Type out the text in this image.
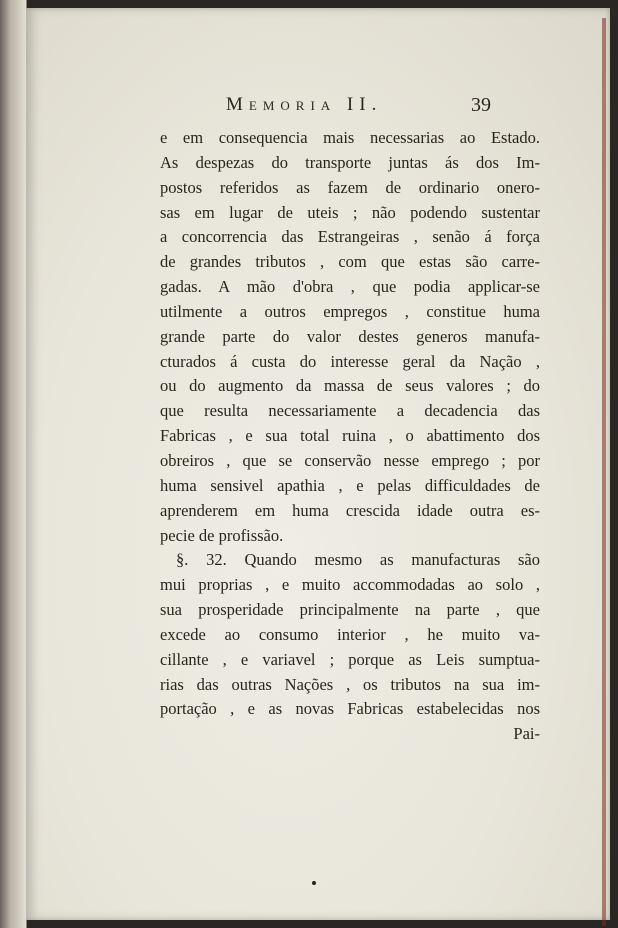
Memoria II.	39
e em consequencia mais necessarias ao Estado.
As despezas do transporte juntas ás dos Im-
postos referidos as fazem de ordinario onero-
sas em lugar de uteis ; não podendo sustentar
a concorrencia das Estrangeiras , senão á força
de grandes tributos , com que estas são carre-
gadas. A mão d'obra , que podia applicar-se
utilmente a outros empregos , constitue huma
grande parte do valor destes generos manufa-
cturados á custa do interesse geral da Nação ,
ou do augmento da massa de seus valores ; do
que resulta necessariamente a decadencia das
Fabricas , e sua total ruina , o abattimento dos
obreiros , que se conservão nesse emprego ; por
huma sensivel apathia , e pelas difficuldades de
aprenderem em huma crescida idade outra es-
pecie de profissão.
§. 32. Quando mesmo as manufacturas são
mui proprias , e muito accommodadas ao solo ,
sua prosperidade principalmente na parte , que
excede ao consumo interior , he muito va-
cillante , e variavel ; porque as Leis sumptua-
rias das outras Nações , os tributos na sua im-
portação , e as novas Fabricas estabelecidas nos
Pai-
